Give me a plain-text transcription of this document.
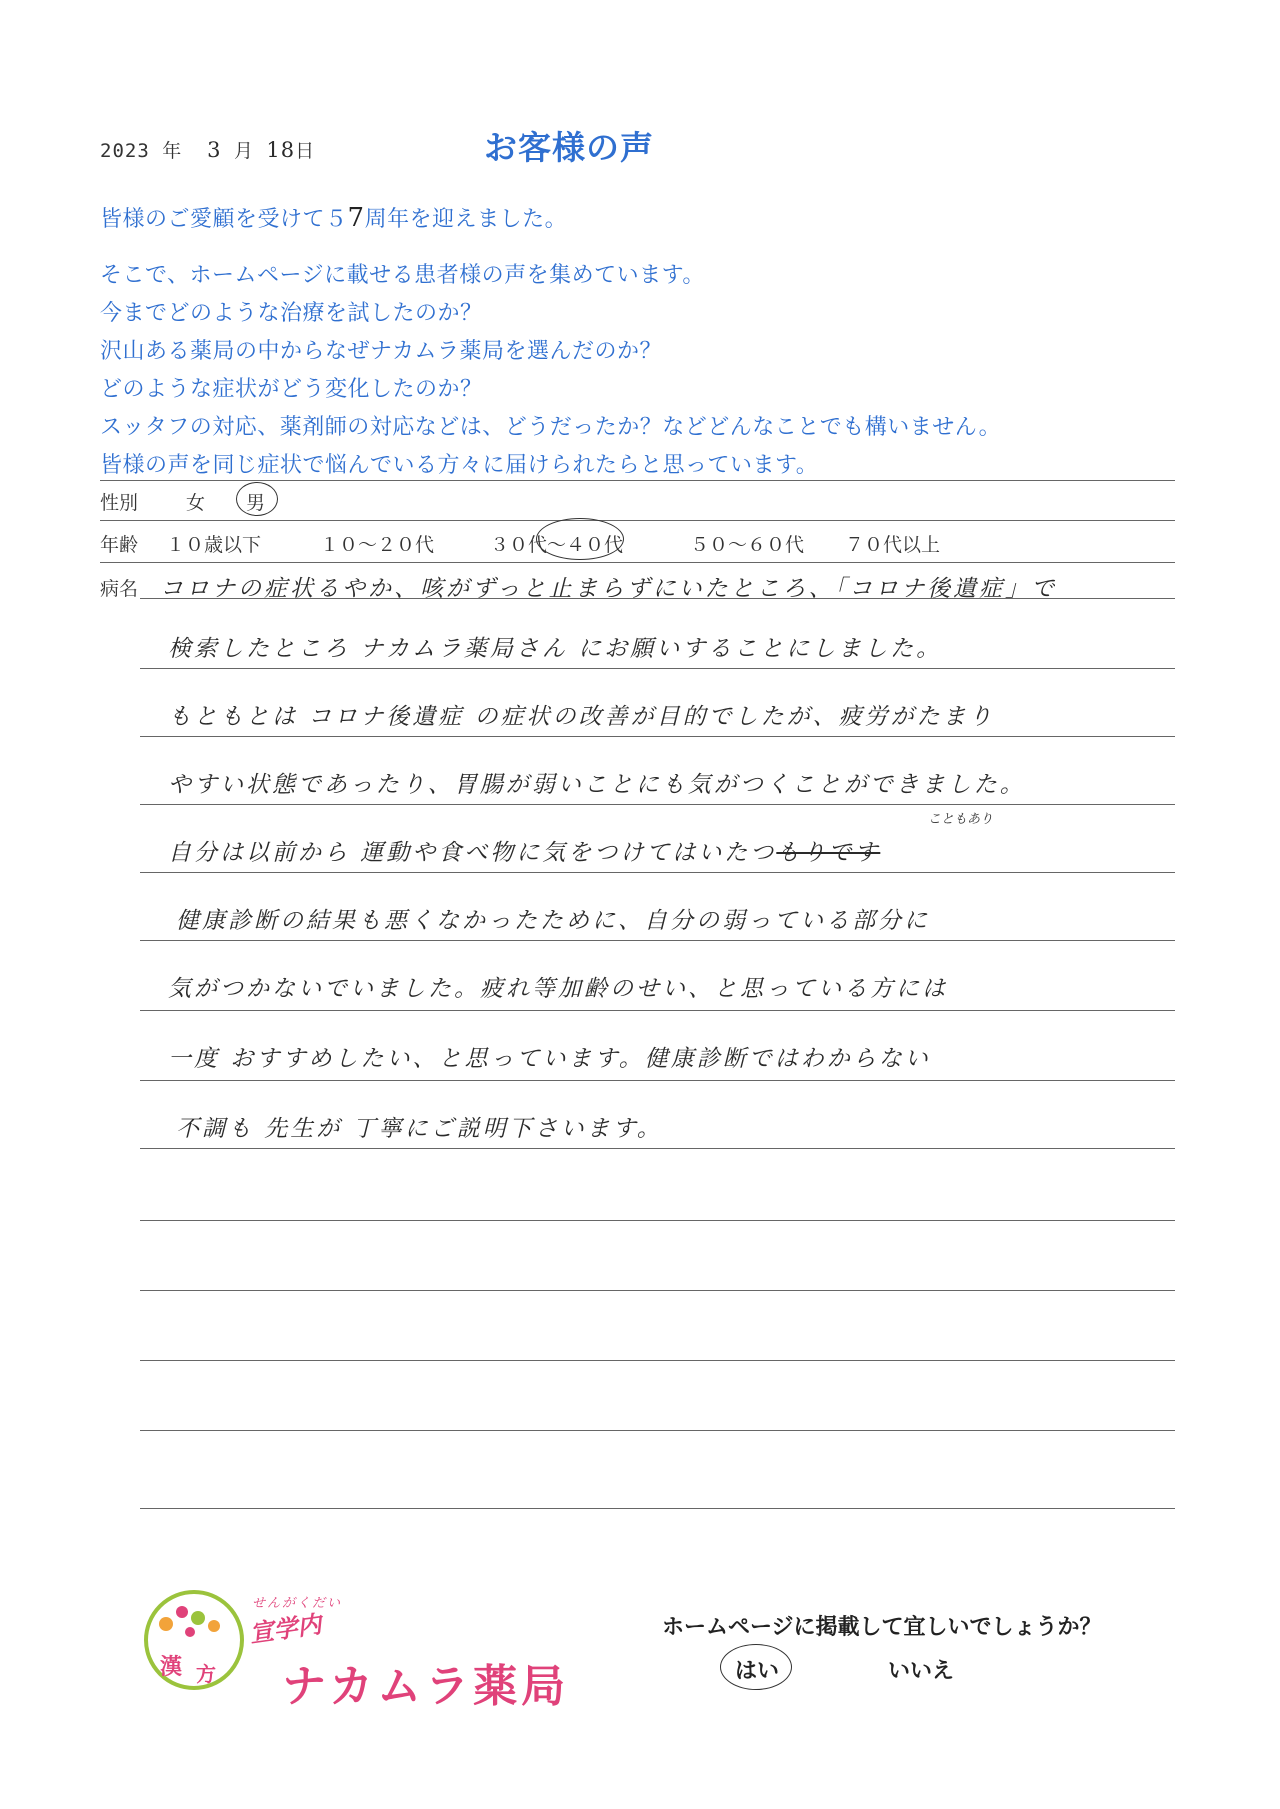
2023 年 3 月 18日	お客様の声
皆様のご愛顧を受けて５7周年を迎えました。
そこで、ホームページに載せる患者様の声を集めています。
今までどのような治療を試したのか？
沢山ある薬局の中からなぜナカムラ薬局を選んだのか？
どのような症状がどう変化したのか？
スッタフの対応、薬剤師の対応などは、どうだったか？などどんなことでも構いません。
皆様の声を同じ症状で悩んでいる方々に届けられたらと思っています。
性別	女 男
年齢 １０歳以下	１０～２０代	３０代～４０代	５０～６０代 ７０代以上
病名 コロナの症状るやか、咳がずっと止まらずにいたところ、「コロナ後遺症」で
検索したところ ナカムラ薬局さん にお願いすることにしました。
もともとは コロナ後遺症 の症状の改善が目的でしたが、疲労がたまり
やすい状態であったり、胃腸が弱いことにも気がつくことができました。
自分は以前から 運動や食べ物に気をつけてはいたつもりです
こともあり
健康診断の結果も悪くなかったために、自分の弱っている部分に
気がつかないでいました。疲れ等加齢のせい、と思っている方には
一度 おすすめしたい、と思っています。健康診断ではわからない
不調も 先生が 丁寧にご説明下さいます。
漢 方
せんがくだい
宣学内
ナカムラ薬局
ホームページに掲載して宜しいでしょうか？
はい	いいえ
